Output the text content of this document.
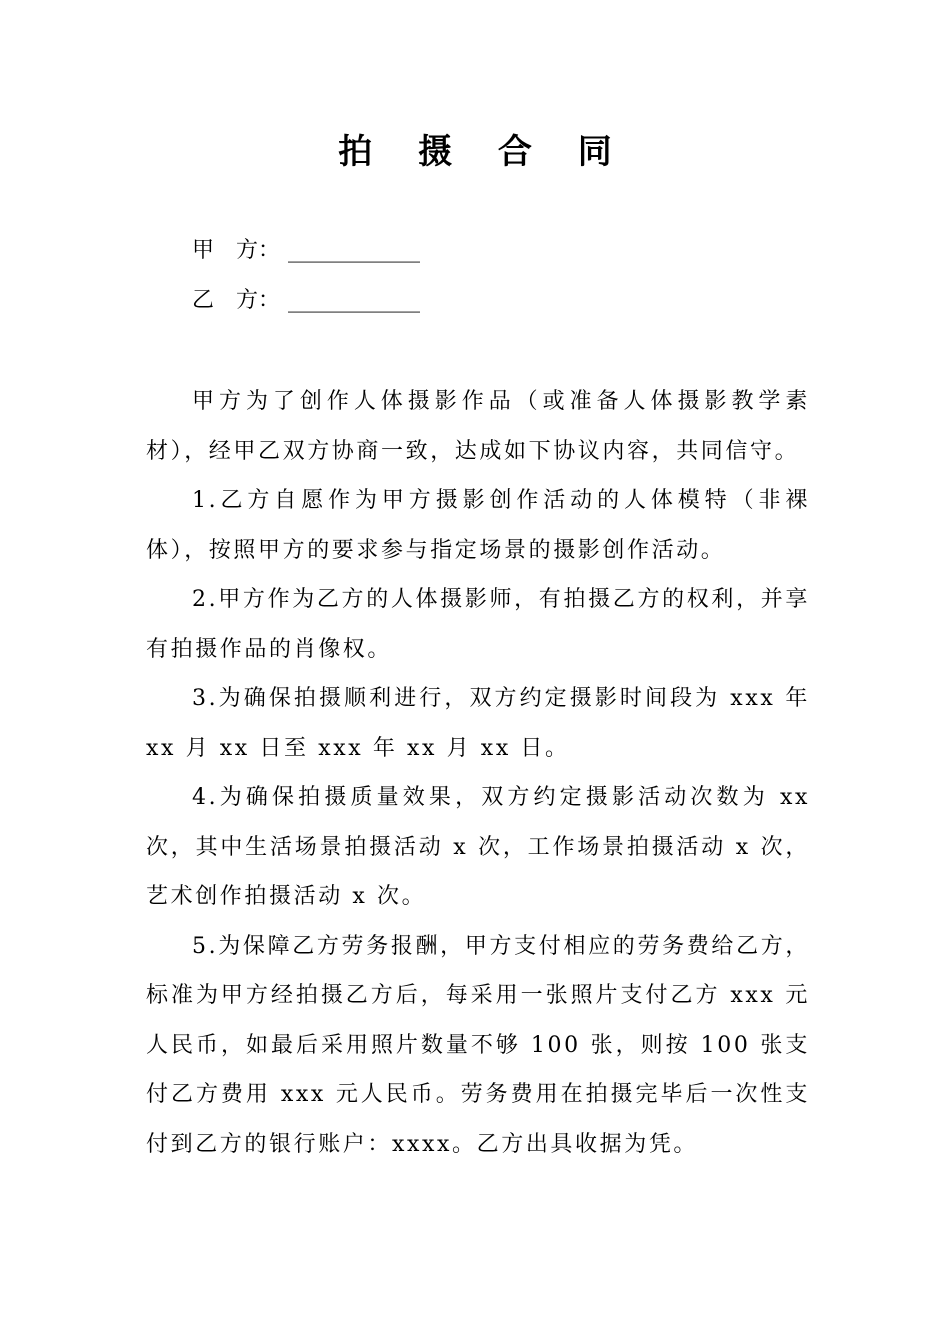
拍 摄 合 同
甲　方： ____________
乙　方： ____________

甲方为了创作人体摄影作品（或准备人体摄影教学素材），经甲乙双方协商一致，达成如下协议内容，共同信守。

1.乙方自愿作为甲方摄影创作活动的人体模特（非裸体），按照甲方的要求参与指定场景的摄影创作活动。

2.甲方作为乙方的人体摄影师，有拍摄乙方的权利，并享有拍摄作品的肖像权。

3.为确保拍摄顺利进行，双方约定摄影时间段为 xxx 年 xx 月 xx 日至 xxx 年 xx 月 xx 日。

4.为确保拍摄质量效果，双方约定摄影活动次数为 xx 次，其中生活场景拍摄活动 x 次，工作场景拍摄活动 x 次，艺术创作拍摄活动 x 次。

5.为保障乙方劳务报酬，甲方支付相应的劳务费给乙方，标准为甲方经拍摄乙方后，每采用一张照片支付乙方 xxx 元人民币，如最后采用照片数量不够 100 张，则按 100 张支付乙方费用 xxx 元人民币。劳务费用在拍摄完毕后一次性支付到乙方的银行账户：xxxx。乙方出具收据为凭。
